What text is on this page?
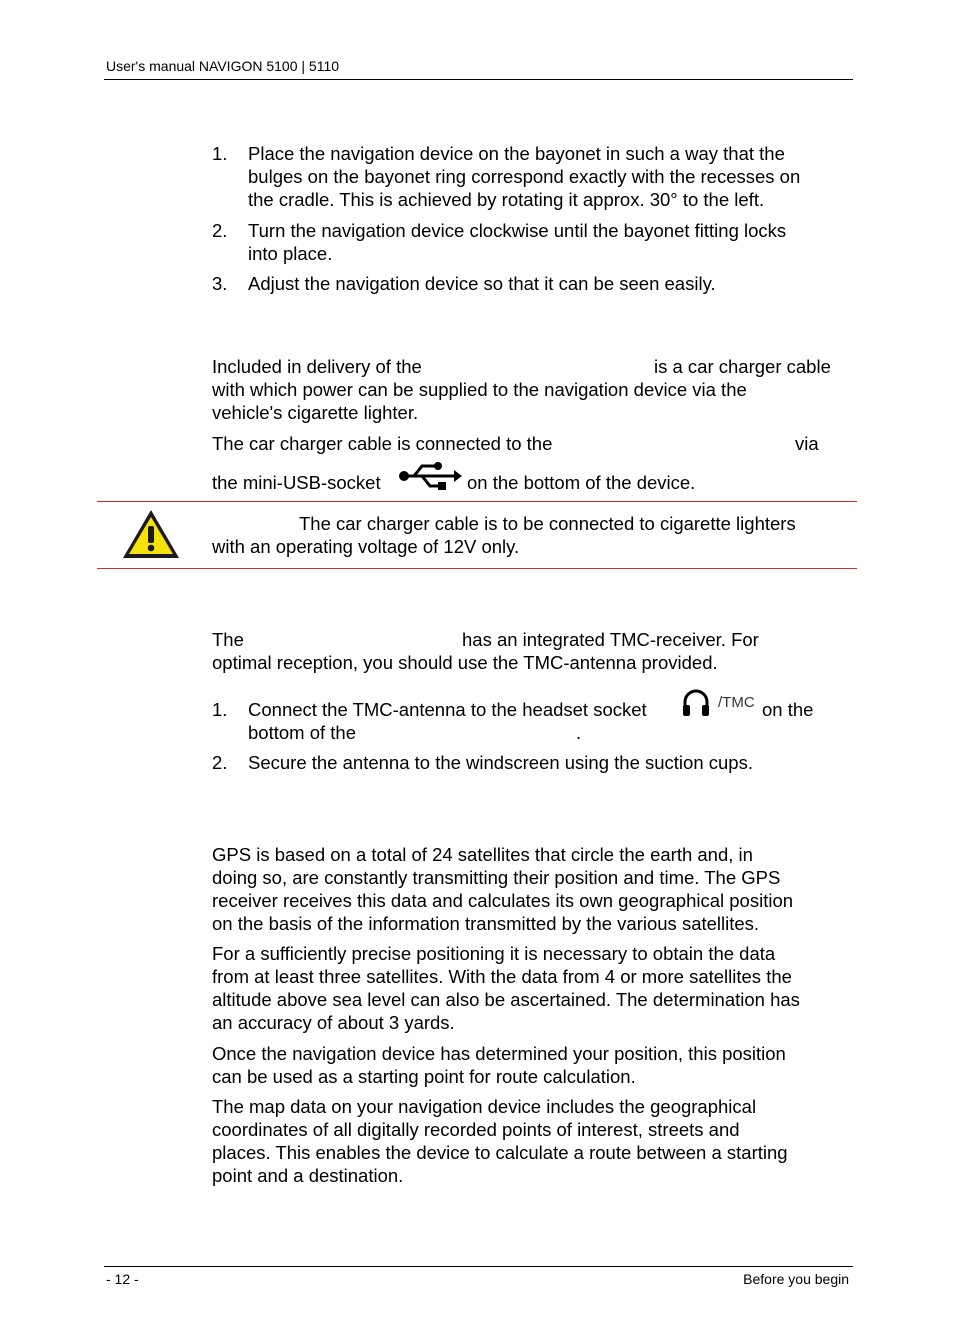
User's manual NAVIGON 5100 | 5110
1. Place the navigation device on the bayonet in such a way that the
bulges on the bayonet ring correspond exactly with the recesses on
the cradle. This is achieved by rotating it approx. 30° to the left.
2. Turn the navigation device clockwise until the bayonet fitting locks
into place.
3. Adjust the navigation device so that it can be seen easily.
Included in delivery of the	is a car charger cable
with which power can be supplied to the navigation device via the
vehicle's cigarette lighter.
The car charger cable is connected to the	via
the mini-USB-socket	on the bottom of the device.
The car charger cable is to be connected to cigarette lighters
with an operating voltage of 12V only.
The	has an integrated TMC-receiver. For
optimal reception, you should use the TMC-antenna provided.
1. Connect the TMC-antenna to the headset socket	/TMC on the
bottom of the	.
2. Secure the antenna to the windscreen using the suction cups.
GPS is based on a total of 24 satellites that circle the earth and, in
doing so, are constantly transmitting their position and time. The GPS
receiver receives this data and calculates its own geographical position
on the basis of the information transmitted by the various satellites.
For a sufficiently precise positioning it is necessary to obtain the data
from at least three satellites. With the data from 4 or more satellites the
altitude above sea level can also be ascertained. The determination has
an accuracy of about 3 yards.
Once the navigation device has determined your position, this position
can be used as a starting point for route calculation.
The map data on your navigation device includes the geographical
coordinates of all digitally recorded points of interest, streets and
places. This enables the device to calculate a route between a starting
point and a destination.
- 12 -	Before you begin
